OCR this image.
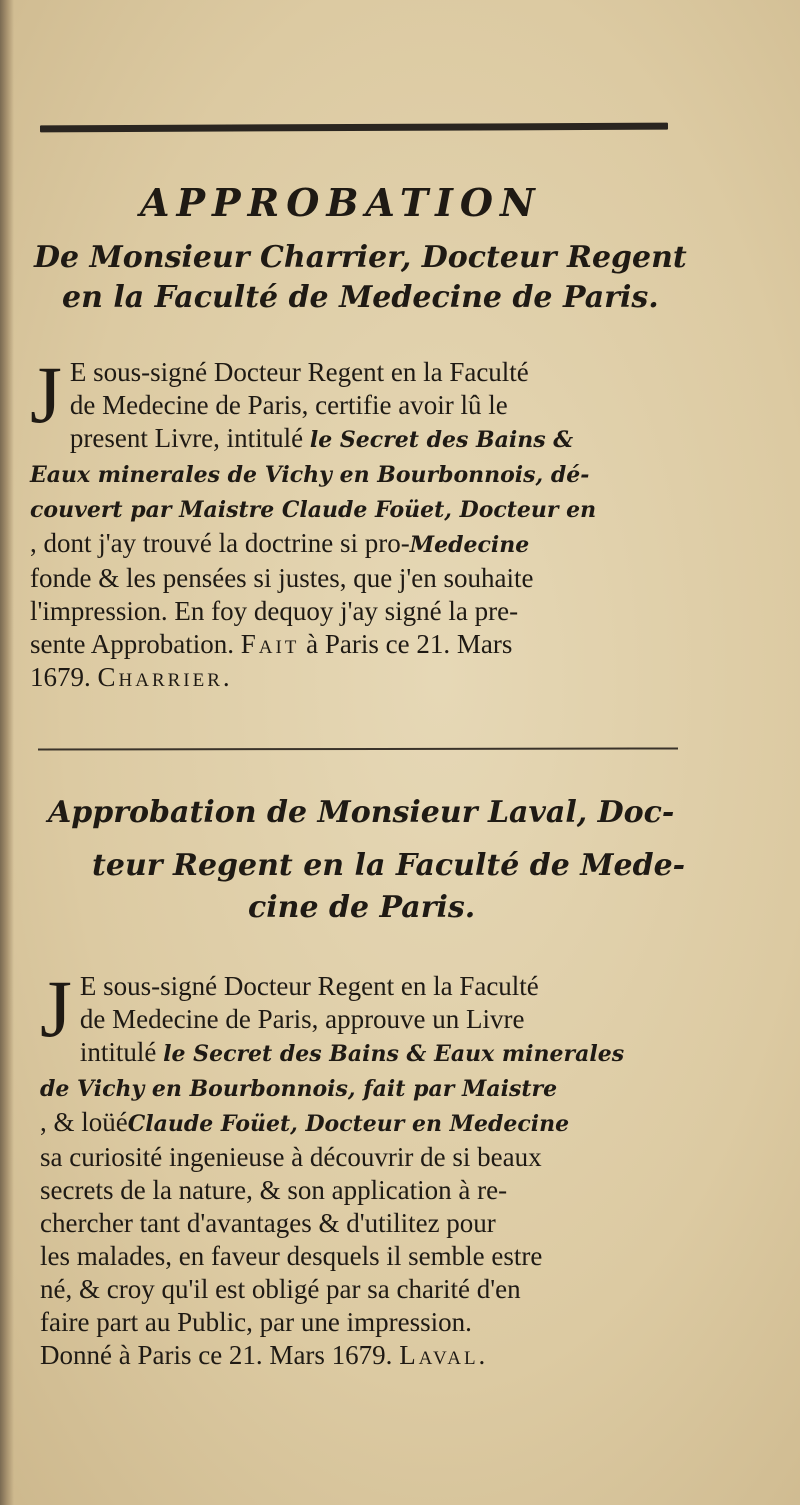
APPROBATION
De Monsieur Charrier, Docteur Regent
en la Faculté de Medecine de Paris.
J E sous-signé Docteur Regent en la Faculté
de Medecine de Paris, certifie avoir lû le
present Livre, intitulé le Secret des Bains &
Eaux minerales de Vichy en Bourbonnois, dé-
couvert par Maistre Claude Foüet, Docteur en
, dont j'ay trouvé la doctrine si pro-Medecine
fonde & les pensées si justes, que j'en souhaite
l'impression. En foy dequoy j'ay signé la pre-
sente Approbation. Fait à Paris ce 21. Mars
1679. Charrier.
Approbation de Monsieur Laval, Doc-
teur Regent en la Faculté de Mede-
cine de Paris.
J E sous-signé Docteur Regent en la Faculté
de Medecine de Paris, approuve un Livre
intitulé le Secret des Bains & Eaux minerales
de Vichy en Bourbonnois, fait par Maistre
, & loüéClaude Foüet, Docteur en Medecine
sa curiosité ingenieuse à découvrir de si beaux
secrets de la nature, & son application à re-
chercher tant d'avantages & d'utilitez pour
les malades, en faveur desquels il semble estre
né, & croy qu'il est obligé par sa charité d'en
faire part au Public, par une impression.
Donné à Paris ce 21. Mars 1679. Laval.
